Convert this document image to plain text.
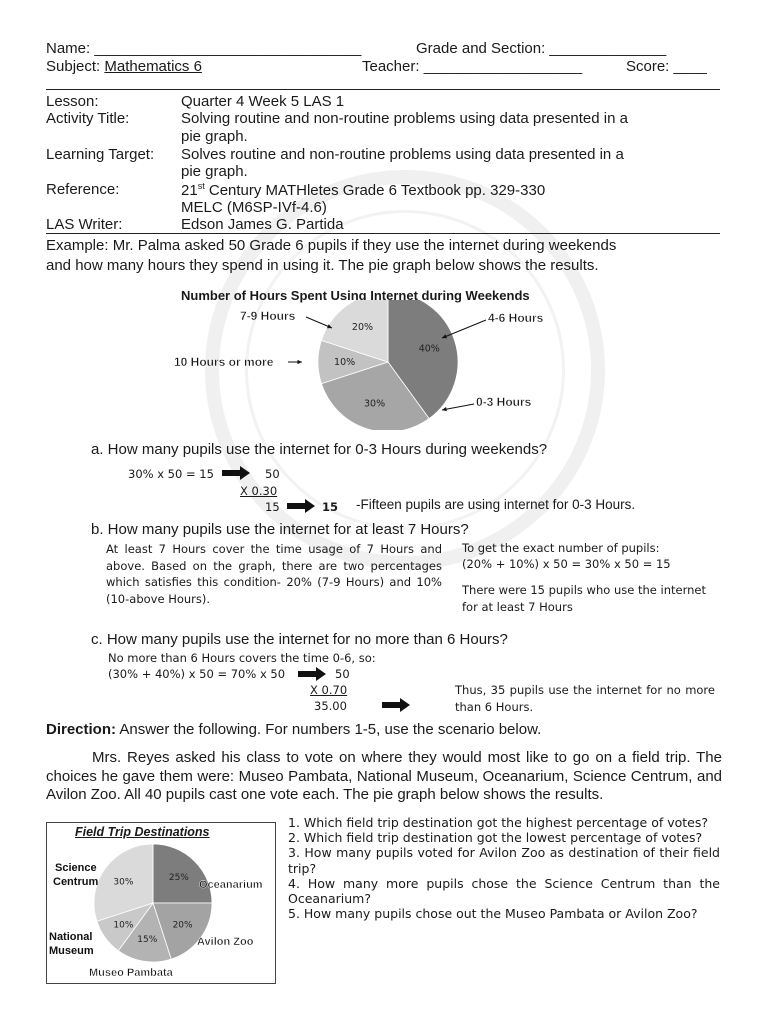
Name: ________________________________	Grade and Section: ______________
Subject: Mathematics 6	Teacher: ___________________	Score: ____
Lesson:	Quarter 4 Week 5 LAS 1
Activity Title:	Solving routine and non-routine problems using data presented in a
pie graph.
Learning Target: Solves routine and non-routine problems using data presented in a
pie graph.
Reference:	21st Century MATHletes Grade 6 Textbook pp. 329-330
MELC (M6SP-IVf-4.6)
LAS Writer:	Edson James G. Partida
Example: Mr. Palma asked 50 Grade 6 pupils if they use the internet during weekends
and how many hours they spend in using it. The pie graph below shows the results.
Number of Hours Spent Using Internet during Weekends
40%
30%
10%
20%
4-6 Hours
0-3 Hours
10 Hours or more
7-9 Hours
a. How many pupils use the internet for 0-3 Hours during weekends?
30% x 50 = 15	50
X 0.30
15	15 -Fifteen pupils are using internet for 0-3 Hours.
b. How many pupils use the internet for at least 7 Hours?
At least 7 Hours cover the time usage of 7 Hours and above. Based on the graph, there are two percentages which satisfies this condition- 20% (7-9 Hours) and 10% (10-above Hours).
To get the exact number of pupils:
(20% + 10%) x 50 = 30% x 50 = 15
There were 15 pupils who use the internet for at least 7 Hours
c. How many pupils use the internet for no more than 6 Hours?
No more than 6 Hours covers the time 0-6, so:
(30% + 40%) x 50 = 70% x 50	50
X 0.70
35.00
Thus, 35 pupils use the internet for no more than 6 Hours.
Direction: Answer the following. For numbers 1-5, use the scenario below.
Mrs. Reyes asked his class to vote on where they would most like to go on a field trip. The choices he gave them were: Museo Pambata, National Museum, Oceanarium, Science Centrum, and Avilon Zoo. All 40 pupils cast one vote each. The pie graph below shows the results.
Field Trip Destinations
25%
20%
15%
10%
30%	Oceanarium
Avilon Zoo
Museo Pambata
National
Museum
Science
Centrum
1. Which field trip destination got the highest percentage of votes?
2. Which field trip destination got the lowest percentage of votes?
3. How many pupils voted for Avilon Zoo as destination of their field trip?
4. How many more pupils chose the Science Centrum than the Oceanarium?
5. How many pupils chose out the Museo Pambata or Avilon Zoo?
